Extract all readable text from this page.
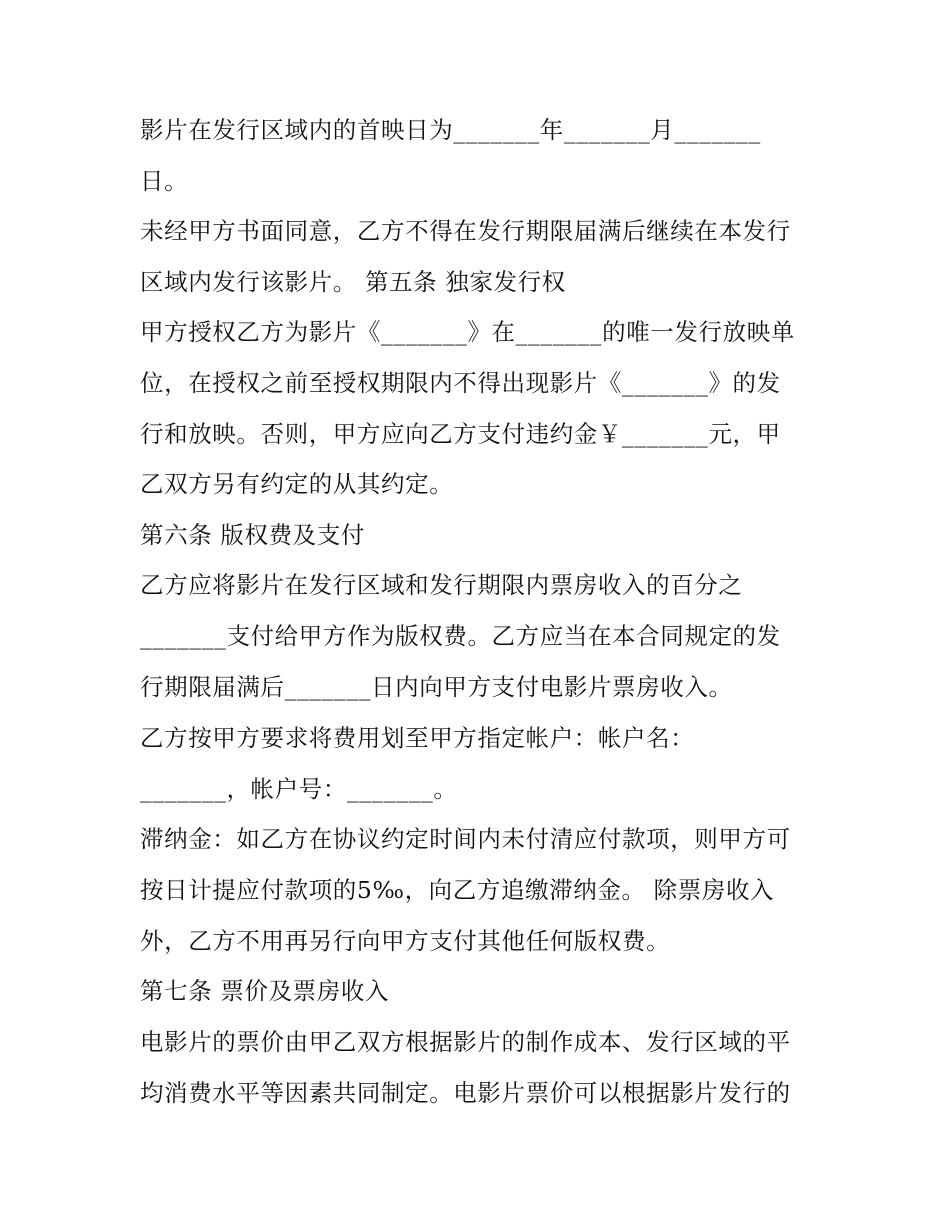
影片在发行区域内的首映日为_______年_______月_______
日。
未经甲方书面同意，乙方不得在发行期限届满后继续在本发行
区域内发行该影片。 第五条 独家发行权
甲方授权乙方为影片《_______》在_______的唯一发行放映单
位，在授权之前至授权期限内不得出现影片《_______》的发
行和放映。否则，甲方应向乙方支付违约金￥_______元，甲
乙双方另有约定的从其约定。
第六条 版权费及支付
乙方应将影片在发行区域和发行期限内票房收入的百分之
_______支付给甲方作为版权费。乙方应当在本合同规定的发
行期限届满后_______日内向甲方支付电影片票房收入。
乙方按甲方要求将费用划至甲方指定帐户：帐户名：
_______，帐户号：_______。
滞纳金：如乙方在协议约定时间内未付清应付款项，则甲方可
按日计提应付款项的5‰，向乙方追缴滞纳金。 除票房收入
外，乙方不用再另行向甲方支付其他任何版权费。
第七条 票价及票房收入
电影片的票价由甲乙双方根据影片的制作成本、发行区域的平
均消费水平等因素共同制定。电影片票价可以根据影片发行的
